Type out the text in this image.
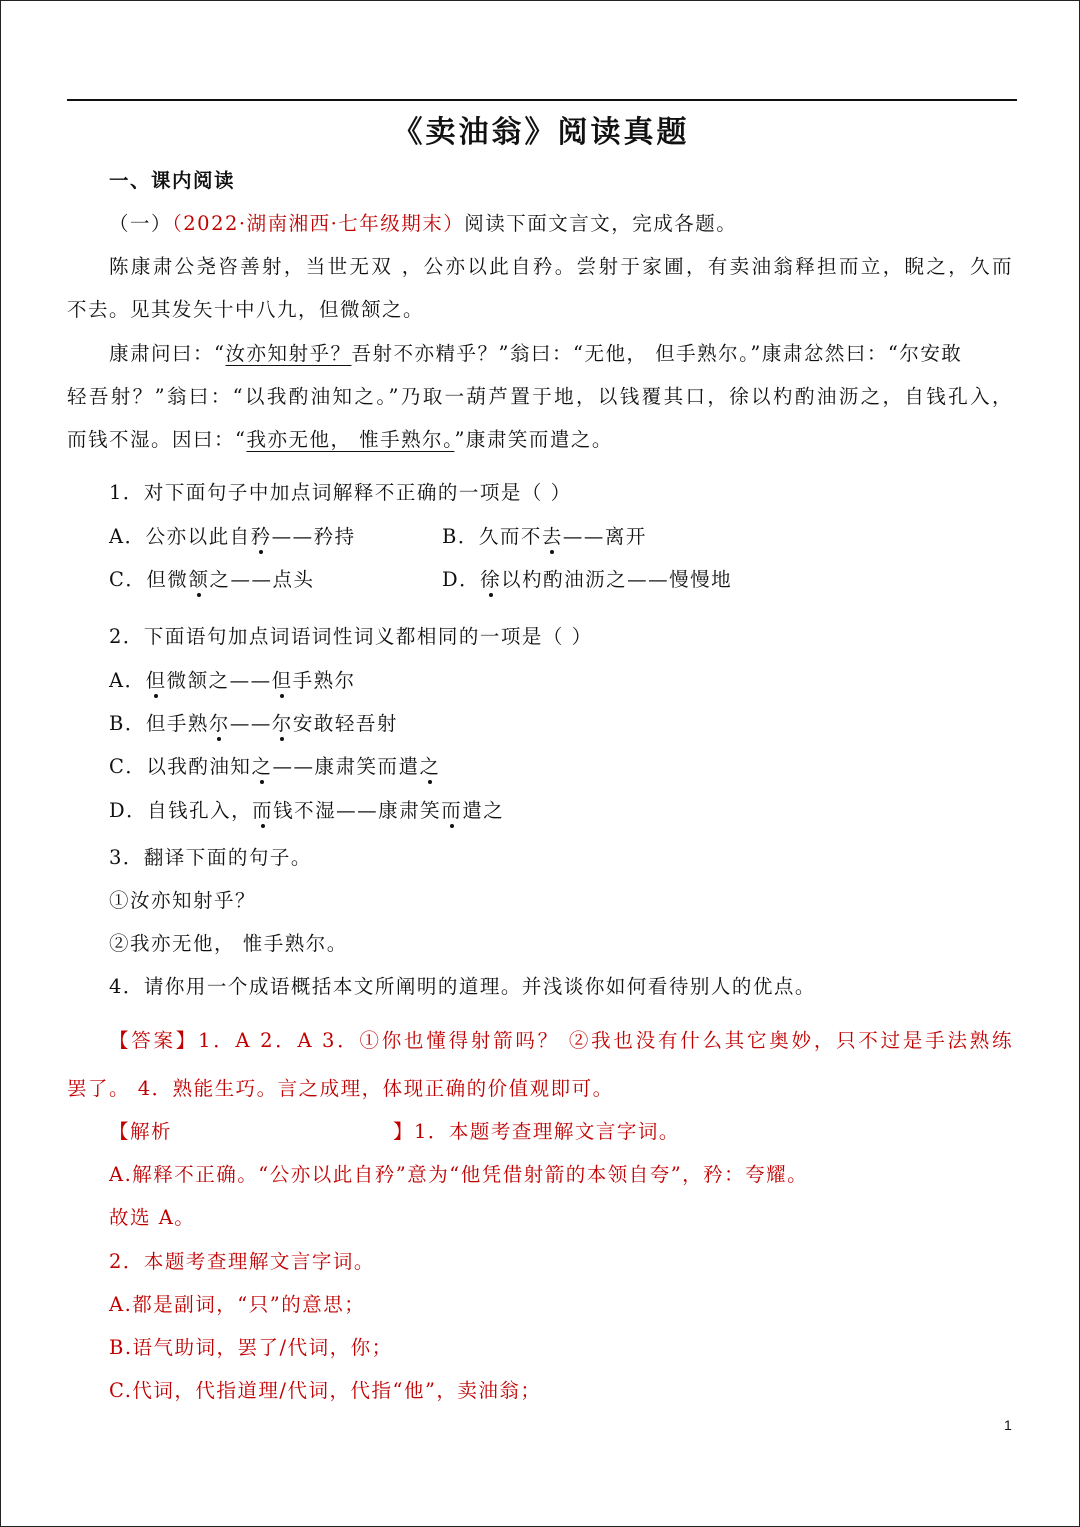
《卖油翁》阅读真题
一、课内阅读
（一）（2022·湖南湘西·七年级期末）阅读下面文言文，完成各题。
陈康肃公尧咨善射，当世无双 ，公亦以此自矜。尝射于家圃，有卖油翁释担而立，睨之，久而
不去。见其发矢十中八九，但微颔之。
康肃问曰：“汝亦知射乎？吾射不亦精乎？”翁曰：“无他， 但手熟尔。”康肃忿然曰：“尔安敢
轻吾射？”翁曰：“以我酌油知之。”乃取一葫芦置于地，以钱覆其口，徐以杓酌油沥之，自钱孔入，
而钱不湿。因曰：“我亦无他， 惟手熟尔。”康肃笑而遣之。
1．对下面句子中加点词解释不正确的一项是（ ）
A．公亦以此自矜——矜持	B．久而不去——离开
C．但微颔之——点头	D．徐以杓酌油沥之——慢慢地
2．下面语句加点词语词性词义都相同的一项是（ ）
A．但微颔之——但手熟尔
B．但手熟尔——尔安敢轻吾射
C．以我酌油知之——康肃笑而遣之
D．自钱孔入，而钱不湿——康肃笑而遣之
3．翻译下面的句子。
①汝亦知射乎？
②我亦无他， 惟手熟尔。
4．请你用一个成语概括本文所阐明的道理。并浅谈你如何看待别人的优点。
【答案】1．A 2．A 3．①你也懂得射箭吗？ ②我也没有什么其它奥妙，只不过是手法熟练
罢了。 4．熟能生巧。言之成理，体现正确的价值观即可。
【解析	】1．本题考查理解文言字词。
A.解释不正确。“公亦以此自矜”意为“他凭借射箭的本领自夸”，矜：夸耀。
故选 A。
2．本题考查理解文言字词。
A.都是副词，“只”的意思；
B.语气助词，罢了/代词，你；
C.代词，代指道理/代词，代指“他”，卖油翁；
1
